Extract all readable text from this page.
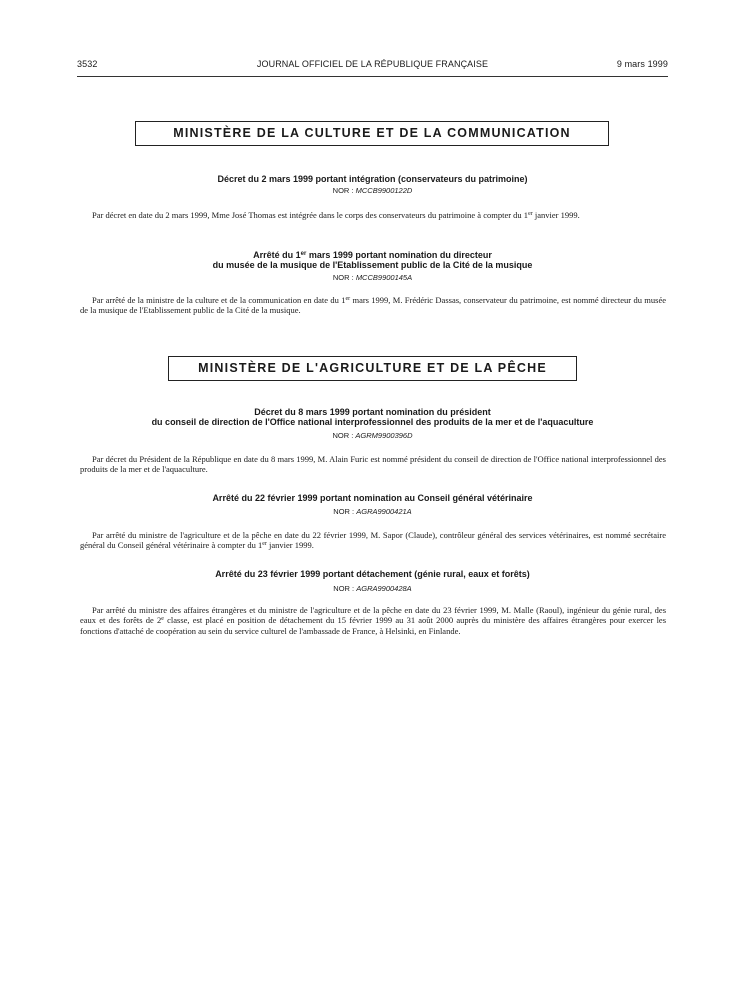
3532	JOURNAL OFFICIEL DE LA RÉPUBLIQUE FRANÇAISE	9 mars 1999
MINISTÈRE DE LA CULTURE ET DE LA COMMUNICATION
Décret du 2 mars 1999 portant intégration (conservateurs du patrimoine)
NOR : MCCB9900122D
Par décret en date du 2 mars 1999, Mme José Thomas est intégrée dans le corps des conservateurs du patrimoine à compter du 1er janvier 1999.
Arrêté du 1er mars 1999 portant nomination du directeur
du musée de la musique de l'Etablissement public de la Cité de la musique
NOR : MCCB9900145A
Par arrêté de la ministre de la culture et de la communication en date du 1er mars 1999, M. Frédéric Dassas, conservateur du patrimoine, est nommé directeur du musée de la musique de l'Etablissement public de la Cité de la musique.
MINISTÈRE DE L'AGRICULTURE ET DE LA PÊCHE
Décret du 8 mars 1999 portant nomination du président
du conseil de direction de l'Office national interprofessionnel des produits de la mer et de l'aquaculture
NOR : AGRM9900396D
Par décret du Président de la République en date du 8 mars 1999, M. Alain Furic est nommé président du conseil de direction de l'Office national interprofessionnel des produits de la mer et de l'aquaculture.
Arrêté du 22 février 1999 portant nomination au Conseil général vétérinaire
NOR : AGRA9900421A
Par arrêté du ministre de l'agriculture et de la pêche en date du 22 février 1999, M. Sapor (Claude), contrôleur général des services vétérinaires, est nommé secrétaire général du Conseil général vétérinaire à compter du 1er janvier 1999.
Arrêté du 23 février 1999 portant détachement (génie rural, eaux et forêts)
NOR : AGRA9900428A
Par arrêté du ministre des affaires étrangères et du ministre de l'agriculture et de la pêche en date du 23 février 1999, M. Malle (Raoul), ingénieur du génie rural, des eaux et des forêts de 2e classe, est placé en position de détachement du 15 février 1999 au 31 août 2000 auprès du ministère des affaires étrangères pour exercer les fonctions d'attaché de coopération au sein du service culturel de l'ambassade de France, à Helsinki, en Finlande.
